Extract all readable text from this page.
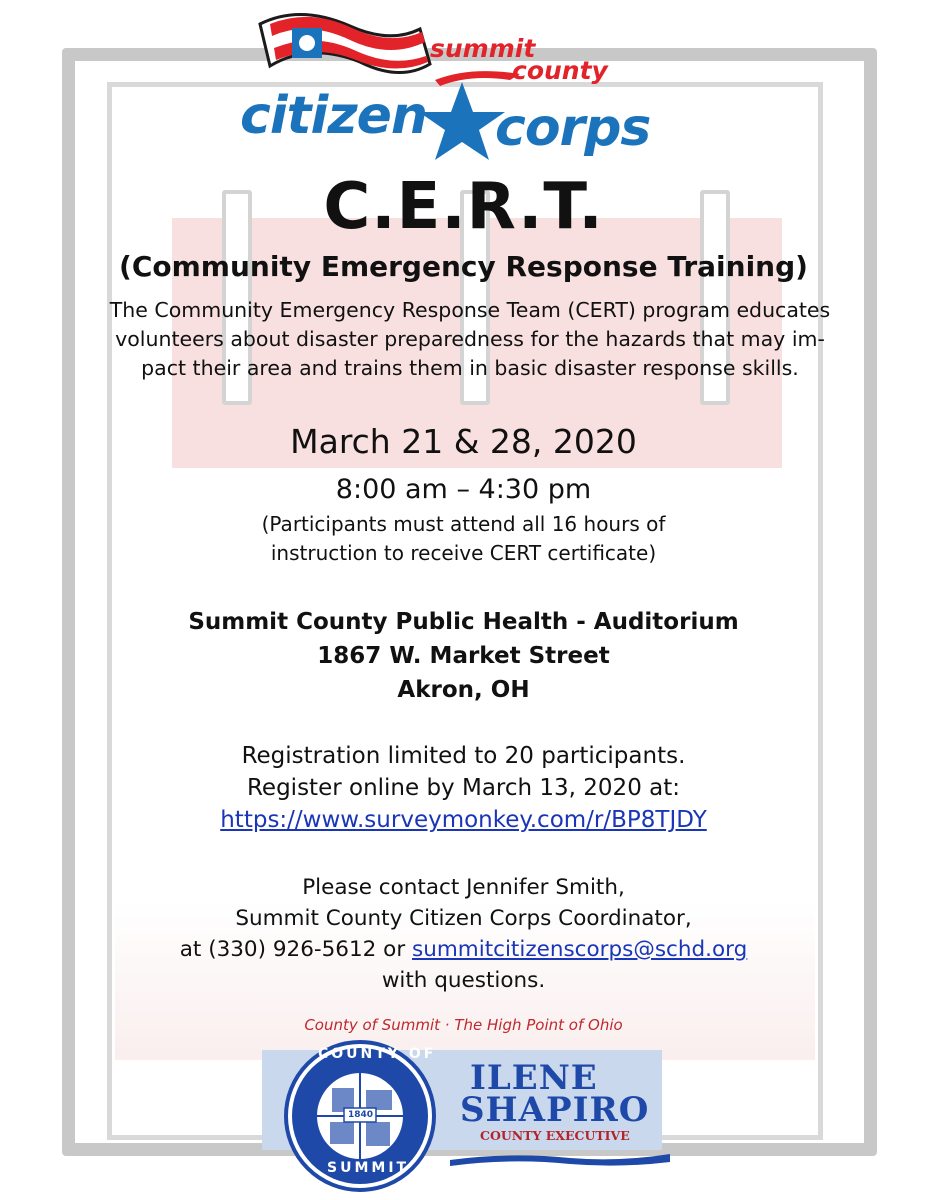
summit
county
citizen corps
C.E.R.T.
(Community Emergency Response Training)
The Community Emergency Response Team (CERT) program educates
volunteers about disaster preparedness for the hazards that may im-
pact their area and trains them in basic disaster response skills.
March 21 & 28, 2020
8:00 am – 4:30 pm
(Participants must attend all 16 hours of
instruction to receive CERT certificate)
Summit County Public Health - Auditorium
1867 W. Market Street
Akron, OH
Registration limited to 20 participants.
Register online by March 13, 2020 at:
https://www.surveymonkey.com/r/BP8TJDY
Please contact Jennifer Smith,
Summit County Citizen Corps Coordinator,
at (330) 926-5612 or summitcitizenscorps@schd.org
with questions.
County of Summit · The High Point of Ohio
COUNTY OF
1840
SUMMIT
ILENE
SHAPIRO
COUNTY EXECUTIVE
